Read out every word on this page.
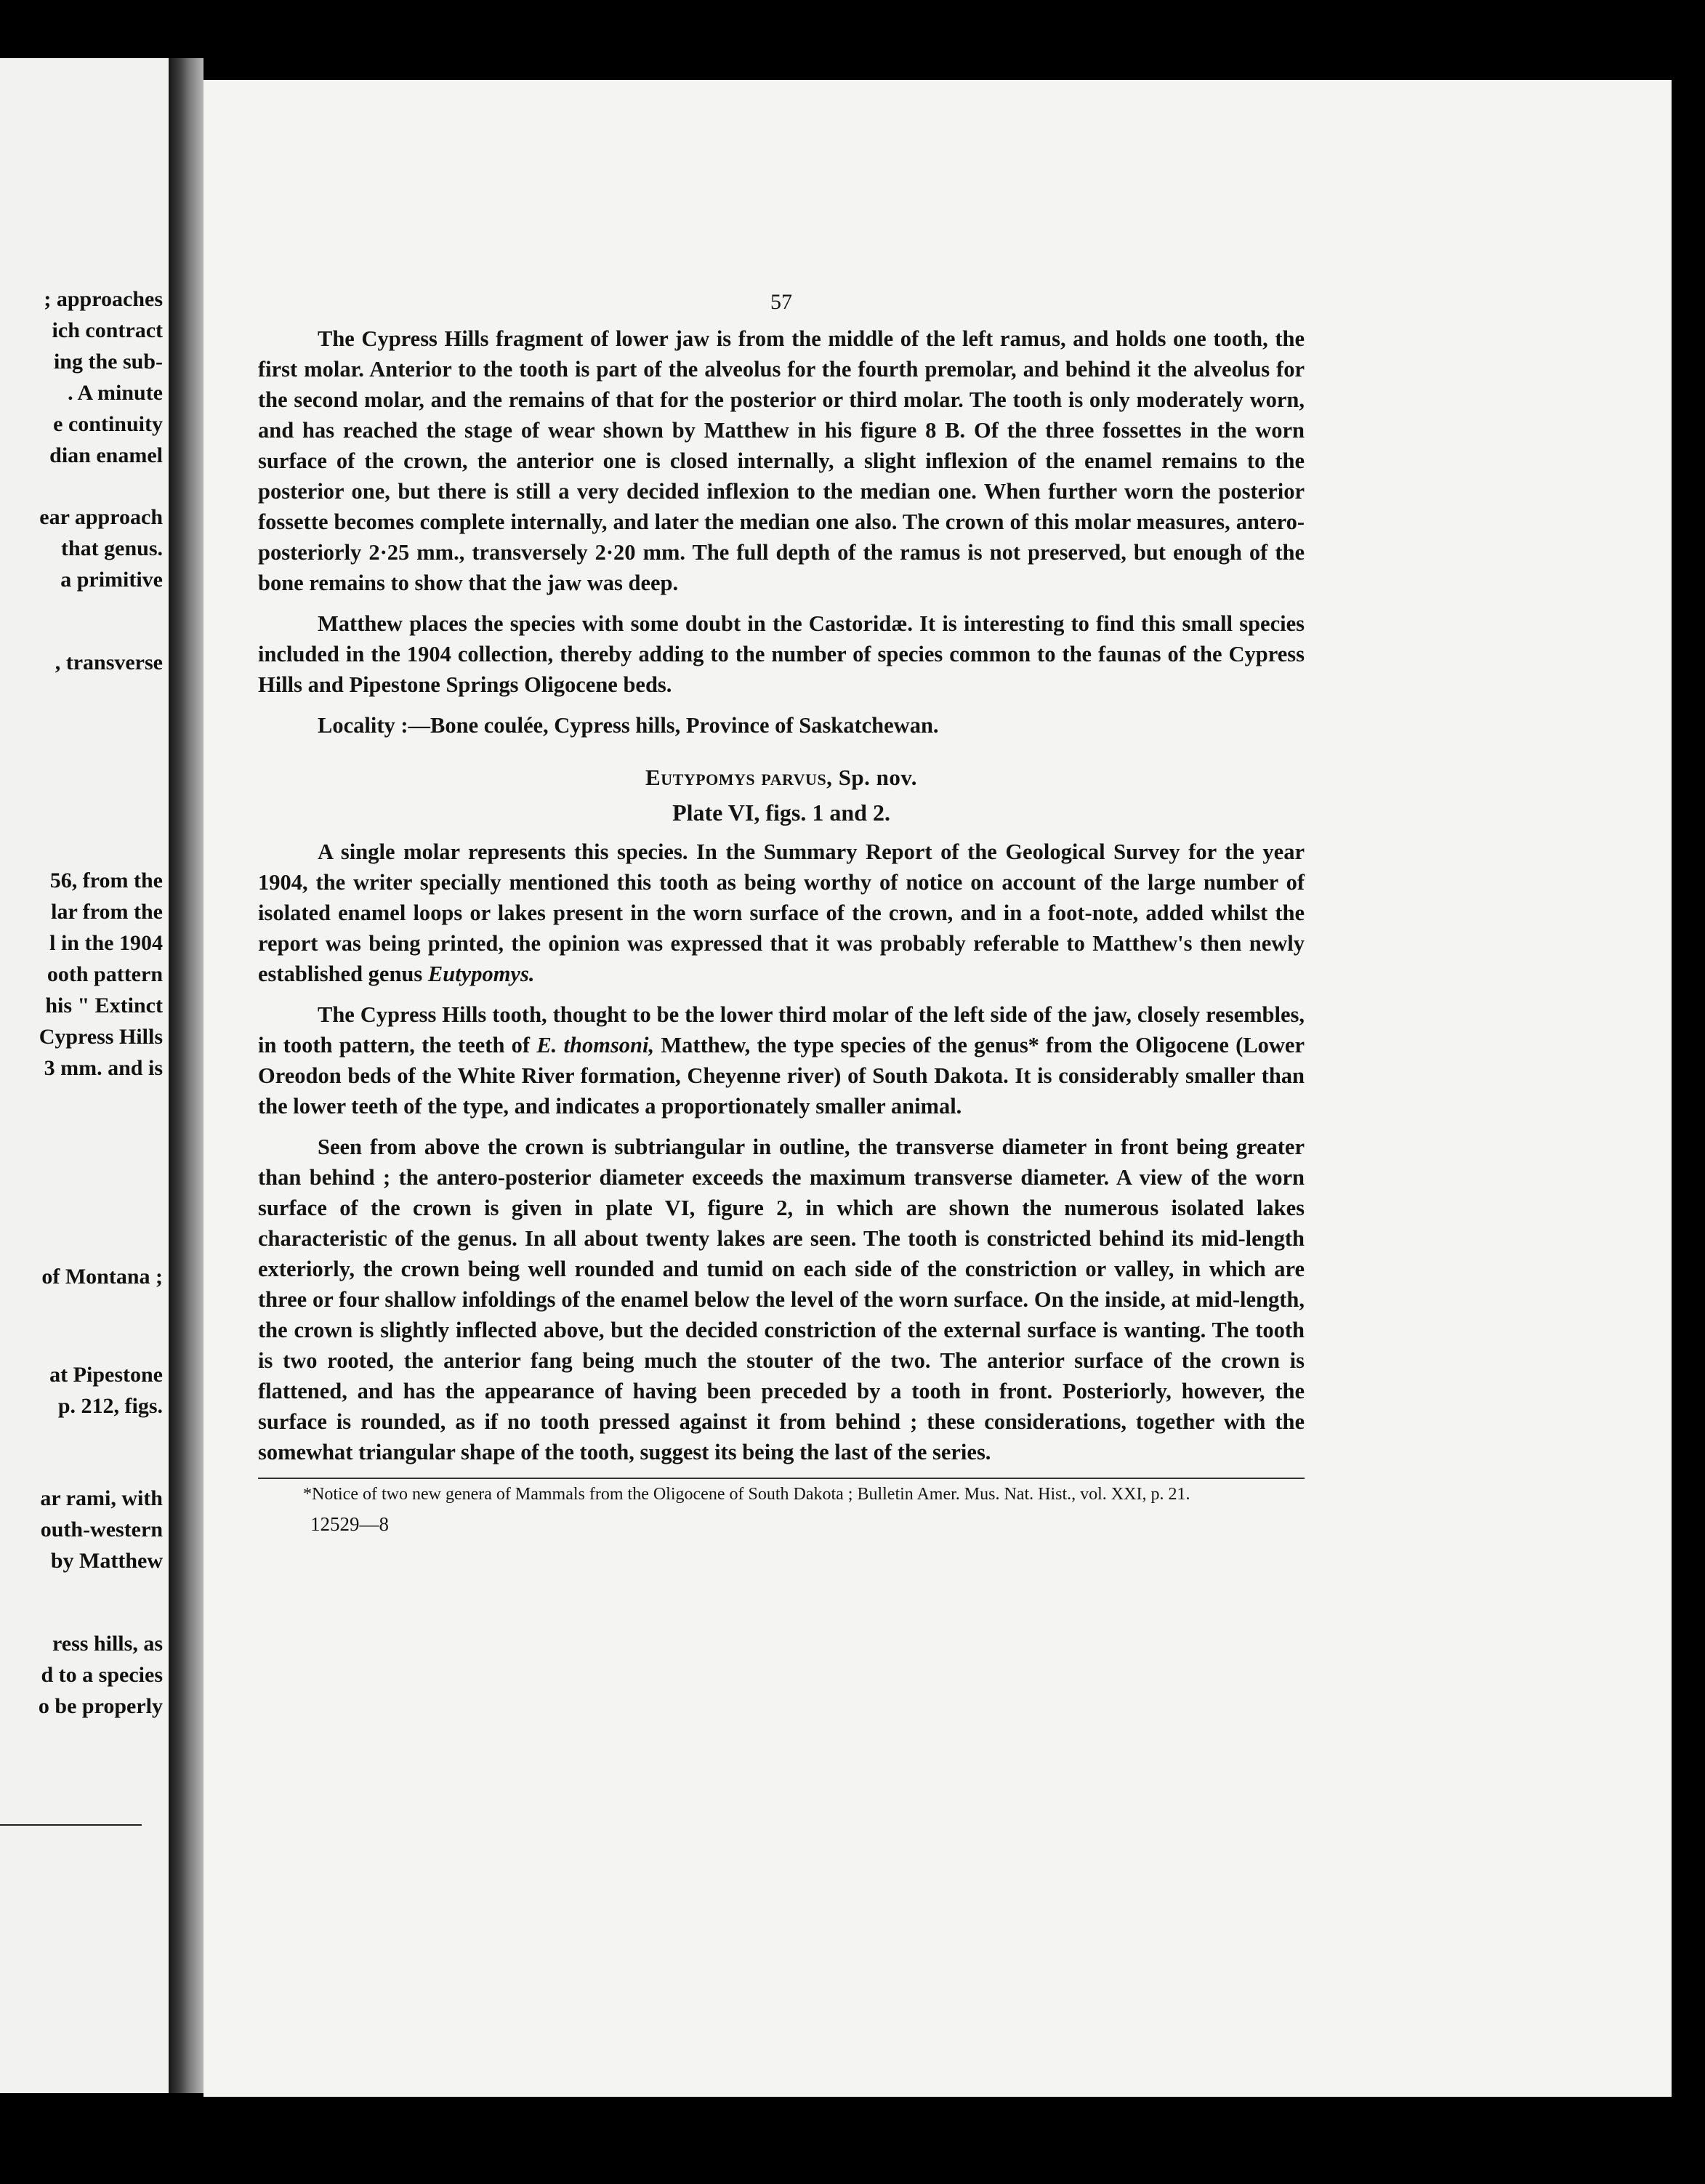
; approaches
ich contract
ing the sub-
. A minute
e continuity
dian enamel
ear approach
that genus.
a primitive
, transverse
56, from the
lar from the
l in the 1904
ooth pattern
his " Extinct
Cypress Hills
3 mm. and is
of Montana ;
at Pipestone
p. 212, figs.
ar rami, with
outh-western
by Matthew
ress hills, as
d to a species
o be properly
57

The Cypress Hills fragment of lower jaw is from the middle of the left ramus, and holds one tooth, the first molar. Anterior to the tooth is part of the alveolus for the fourth premolar, and behind it the alveolus for the second molar, and the remains of that for the posterior or third molar. The tooth is only moderately worn, and has reached the stage of wear shown by Matthew in his figure 8 B. Of the three fossettes in the worn surface of the crown, the anterior one is closed internally, a slight inflexion of the enamel remains to the posterior one, but there is still a very decided inflexion to the median one. When further worn the posterior fossette becomes complete internally, and later the median one also. The crown of this molar measures, antero-posteriorly 2·25 mm., transversely 2·20 mm. The full depth of the ramus is not preserved, but enough of the bone remains to show that the jaw was deep.

Matthew places the species with some doubt in the Castoridæ. It is interesting to find this small species included in the 1904 collection, thereby adding to the number of species common to the faunas of the Cypress Hills and Pipestone Springs Oligocene beds.

Locality :—Bone coulée, Cypress hills, Province of Saskatchewan.

Eutypomys parvus, Sp. nov.
Plate VI, figs. 1 and 2.

A single molar represents this species. In the Summary Report of the Geological Survey for the year 1904, the writer specially mentioned this tooth as being worthy of notice on account of the large number of isolated enamel loops or lakes present in the worn surface of the crown, and in a foot-note, added whilst the report was being printed, the opinion was expressed that it was probably referable to Matthew's then newly established genus Eutypomys.

The Cypress Hills tooth, thought to be the lower third molar of the left side of the jaw, closely resembles, in tooth pattern, the teeth of E. thomsoni, Matthew, the type species of the genus* from the Oligocene (Lower Oreodon beds of the White River formation, Cheyenne river) of South Dakota. It is considerably smaller than the lower teeth of the type, and indicates a proportionately smaller animal.

Seen from above the crown is subtriangular in outline, the transverse diameter in front being greater than behind ; the antero-posterior diameter exceeds the maximum transverse diameter. A view of the worn surface of the crown is given in plate VI, figure 2, in which are shown the numerous isolated lakes characteristic of the genus. In all about twenty lakes are seen. The tooth is constricted behind its mid-length exteriorly, the crown being well rounded and tumid on each side of the constriction or valley, in which are three or four shallow infoldings of the enamel below the level of the worn surface. On the inside, at mid-length, the crown is slightly inflected above, but the decided constriction of the external surface is wanting. The tooth is two rooted, the anterior fang being much the stouter of the two. The anterior surface of the crown is flattened, and has the appearance of having been preceded by a tooth in front. Posteriorly, however, the surface is rounded, as if no tooth pressed against it from behind ; these considerations, together with the somewhat triangular shape of the tooth, suggest its being the last of the series.

*Notice of two new genera of Mammals from the Oligocene of South Dakota ; Bulletin Amer. Mus. Nat. Hist., vol. XXI, p. 21.

12529—8
